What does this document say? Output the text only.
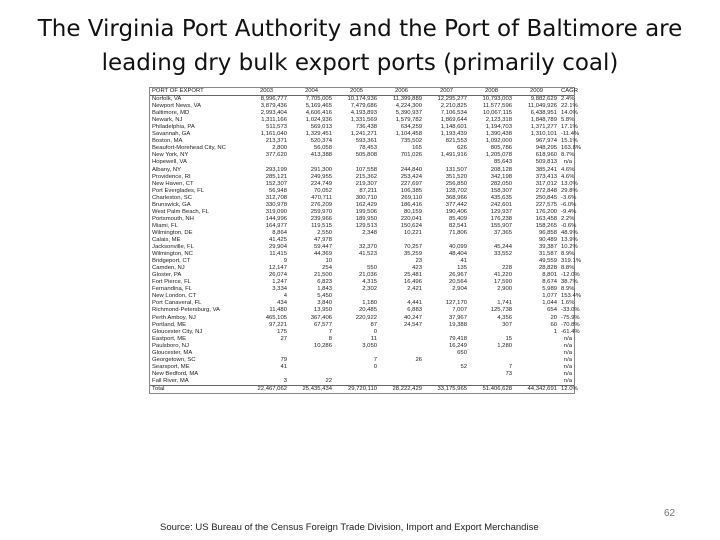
The Virginia Port Authority and the Port of Baltimore are
leading dry bulk export ports (primarily coal)
PORT OF EXPORT	2003	2004	2005	2006	2007	2008	2009	CAGR
Norfolk, VA	8,996,777	7,705,005	10,174,936	11,399,889	12,295,277	10,793,003	9,882,629	2.4%
Newport News, VA	3,879,436	5,169,465	7,479,686	4,224,300	2,210,825	11,577,596	11,049,926	22.1%
Baltimore, MD	2,993,404	4,606,416	4,193,893	5,390,937	7,106,534	10,067,115	6,438,951	14.0%
Newark, NJ	1,311,166	1,024,936	1,331,569	1,579,782	1,869,644	2,123,318	1,848,789	5.8%
Philadelphia, PA	511,573	569,013	736,438	634,259	1,148,601	1,194,703	1,371,277	17.1%
Savannah, GA	1,161,040	1,329,451	1,241,271	1,104,458	1,193,439	1,390,438	1,310,101	-11.4%
Boston, MA	213,371	520,374	593,361	735,502	821,553	1,092,000	967,974	15.1%
Beaufort-Morehead City, NC	2,800	56,058	78,453	165	626	805,786	948,295	163.8%
New York, NY	377,620	413,388	505,808	701,026	1,491,916	1,205,078	618,960	8.7%
Hopewell, VA						85,643	509,813	n/a
Albany, NY	293,199	291,300	107,558	244,840	131,507	208,128	385,241	4.6%
Providence, RI	285,121	249,955	215,362	253,424	351,520	342,198	373,413	4.6%
New Haven, CT	152,307	224,749	219,307	227,697	256,850	282,050	317,012	13.0%
Port Everglades, FL	56,948	70,052	87,211	106,385	128,702	158,307	272,848	29.8%
Charleston, SC	312,708	470,711	300,710	269,110	368,966	435,635	250,845	-3.6%
Brunswick, GA	330,978	276,209	162,429	186,416	377,442	242,601	227,575	-6.0%
West Palm Beach, FL	319,090	259,970	199,506	80,159	190,406	129,937	176,200	-9.4%
Portsmouth, NH	144,996	239,966	189,950	220,041	85,409	176,238	163,458	2.2%
Miami, FL	164,977	119,515	129,513	150,624	82,541	155,907	158,265	-0.6%
Wilmington, DE	8,864	2,550	2,348	10,221	71,806	37,365	96,858	48.9%
Calais, ME	41,425	47,978					90,489	13.9%
Jacksonville, FL	29,904	59,447	32,370	70,257	40,099	45,244	39,387	10.2%
Wilmington, NC	11,415	44,369	41,523	35,259	48,404	33,552	31,587	8.9%
Bridgeport, CT	9	10		23	41		49,559	319.1%
Camden, NJ	12,147	254	550	423	135	228	28,828	8.8%
Gloster, PA	26,074	21,500	21,036	25,481	26,967	41,220	8,801	-12.0%
Fort Pierce, FL	1,247	6,823	4,315	16,496	20,564	17,590	8,674	38.7%
Fernandina, FL	3,334	1,843	2,302	2,421	2,904	2,900	5,989	8.9%
New London, CT	4	5,450					1,077	153.4%
Port Canaveral, FL	434	3,840	1,180	4,441	127,170	1,741	1,044	1.6%
Richmond-Petersburg, VA	11,480	13,950	20,485	6,883	7,007	125,738	654	-33.0%
Perth Amboy, NJ	465,105	367,406	220,922	40,247	37,967	4,356	20	-75.9%
Portland, ME	97,221	67,577	87	24,547	19,388	307	60	-70.8%
Gloucester City, NJ	175	7	0				1	-61.4%
Eastport, ME	27	8	11		79,418	15		n/a
Paulsboro, NJ		10,286	3,050		16,249	1,280		n/a
Gloucester, MA					650			n/a
Georgetown, SC	79		7	26				n/a
Searsport, ME	41		0		52	7		n/a
New Bedford, MA						73		n/a
Fall River, MA	3	22						n/a
Total	22,467,062	25,435,434	29,720,110	28,222,429	33,175,965	51,406,628	44,342,691	12.0%
Source: US Bureau of the Census Foreign Trade Division, Import and Export Merchandise
62
